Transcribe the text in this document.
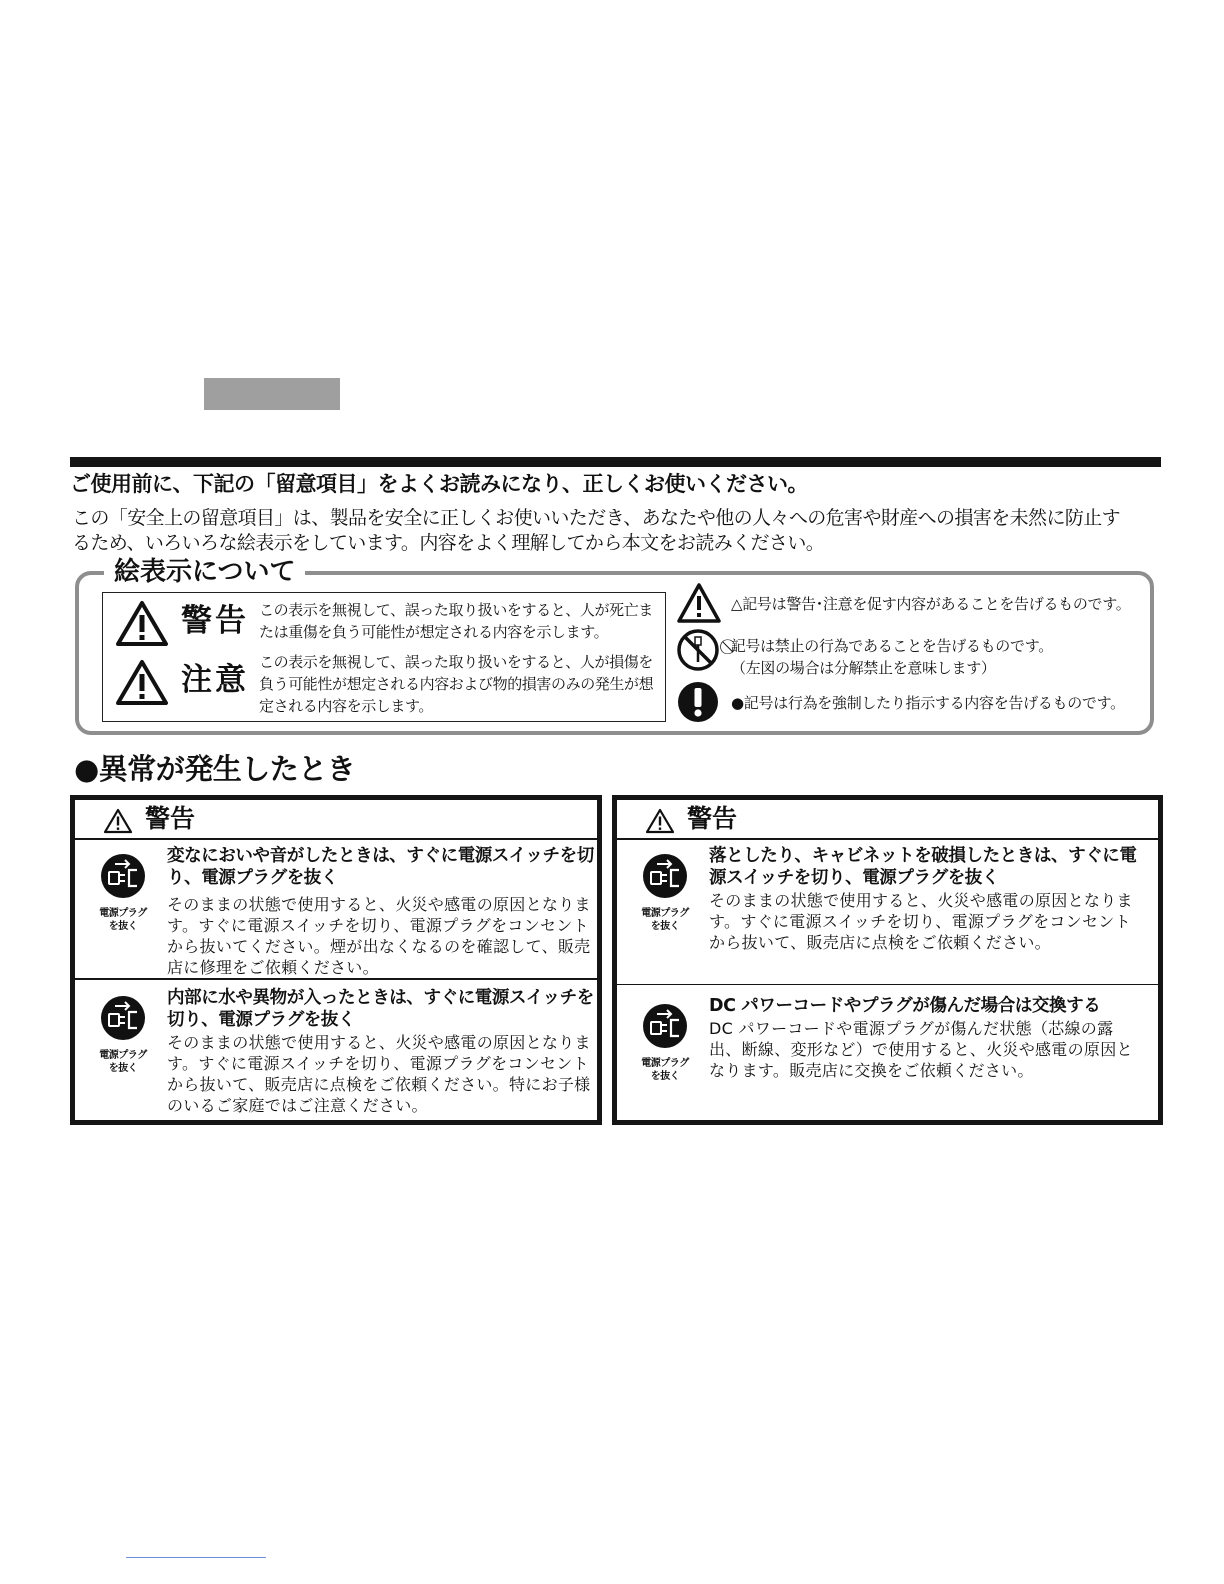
ご使用前に、下記の「留意項目」をよくお読みになり、正しくお使いください。
この「安全上の留意項目」は、製品を安全に正しくお使いいただき、あなたや他の人々への危害や財産への損害を未然に防止す
るため、いろいろな絵表示をしています。内容をよく理解してから本文をお読みください。
絵表示について
警告 この表示を無視して、誤った取り扱いをすると、人が死亡または重傷を負う可能性が想定される内容を示します。
注意 この表示を無視して、誤った取り扱いをすると、人が損傷を負う可能性が想定される内容および物的損害のみの発生が想定される内容を示します。
△記号は警告･注意を促す内容があることを告げるものです。
⃠記号は禁止の行為であることを告げるものです。
（左図の場合は分解禁止を意味します）
●記号は行為を強制したり指示する内容を告げるものです。
●異常が発生したとき
警告
電源プラグ
を抜く
変なにおいや音がしたときは、すぐに電源スイッチを切り、電源プラグを抜く
そのままの状態で使用すると、火災や感電の原因となります。すぐに電源スイッチを切り、電源プラグをコンセントから抜いてください。煙が出なくなるのを確認して、販売店に修理をご依頼ください。
電源プラグ
を抜く
内部に水や異物が入ったときは、すぐに電源スイッチを切り、電源プラグを抜く
そのままの状態で使用すると、火災や感電の原因となります。すぐに電源スイッチを切り、電源プラグをコンセントから抜いて、販売店に点検をご依頼ください。特にお子様のいるご家庭ではご注意ください。
警告
電源プラグ
を抜く
落としたり、キャビネットを破損したときは、すぐに電源スイッチを切り、電源プラグを抜く
そのままの状態で使用すると、火災や感電の原因となります。すぐに電源スイッチを切り、電源プラグをコンセントから抜いて、販売店に点検をご依頼ください。
電源プラグ
を抜く
DC パワーコードやプラグが傷んだ場合は交換する
DC パワーコードや電源プラグが傷んだ状態（芯線の露出、断線、変形など）で使用すると、火災や感電の原因となります。販売店に交換をご依頼ください。
